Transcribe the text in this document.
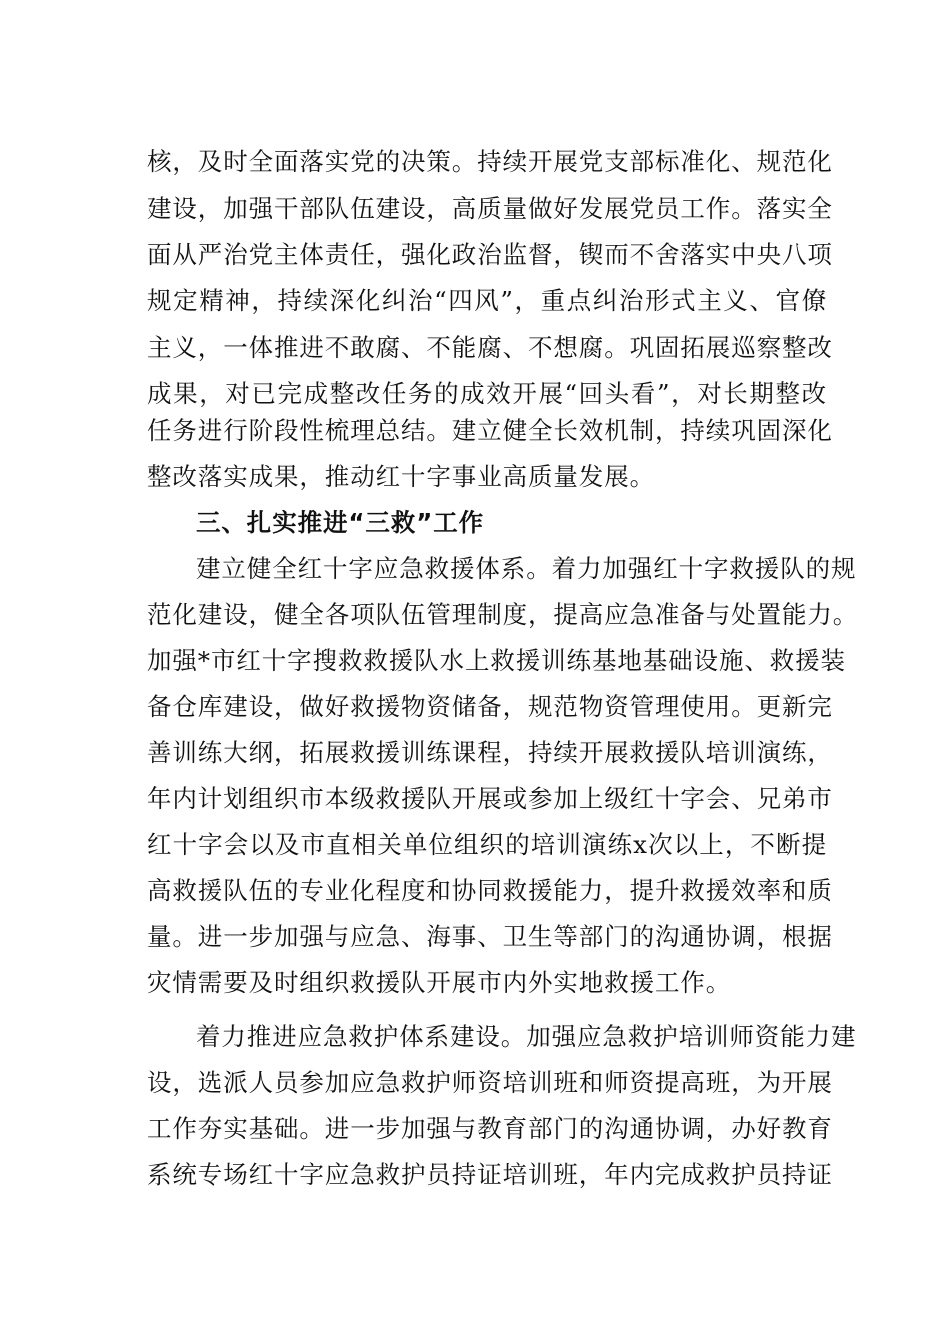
核，及时全面落实党的决策。持续开展党支部标准化、规范化
建设，加强干部队伍建设，高质量做好发展党员工作。落实全
面从严治党主体责任，强化政治监督，锲而不舍落实中央八项
规定精神，持续深化纠治“四风”，重点纠治形式主义、官僚
主义，一体推进不敢腐、不能腐、不想腐。巩固拓展巡察整改
成果，对已完成整改任务的成效开展“回头看”，对长期整改
任务进行阶段性梳理总结。建立健全长效机制，持续巩固深化
整改落实成果，推动红十字事业高质量发展。
三、扎实推进“三救”工作
建立健全红十字应急救援体系。着力加强红十字救援队的规
范化建设，健全各项队伍管理制度，提高应急准备与处置能力。
加强*市红十字搜救救援队水上救援训练基地基础设施、救援装
备仓库建设，做好救援物资储备，规范物资管理使用。更新完
善训练大纲，拓展救援训练课程，持续开展救援队培训演练，
年内计划组织市本级救援队开展或参加上级红十字会、兄弟市
红十字会以及市直相关单位组织的培训演练x次以上，不断提
高救援队伍的专业化程度和协同救援能力，提升救援效率和质
量。进一步加强与应急、海事、卫生等部门的沟通协调，根据
灾情需要及时组织救援队开展市内外实地救援工作。
着力推进应急救护体系建设。加强应急救护培训师资能力建
设，选派人员参加应急救护师资培训班和师资提高班，为开展
工作夯实基础。进一步加强与教育部门的沟通协调，办好教育
系统专场红十字应急救护员持证培训班，年内完成救护员持证
